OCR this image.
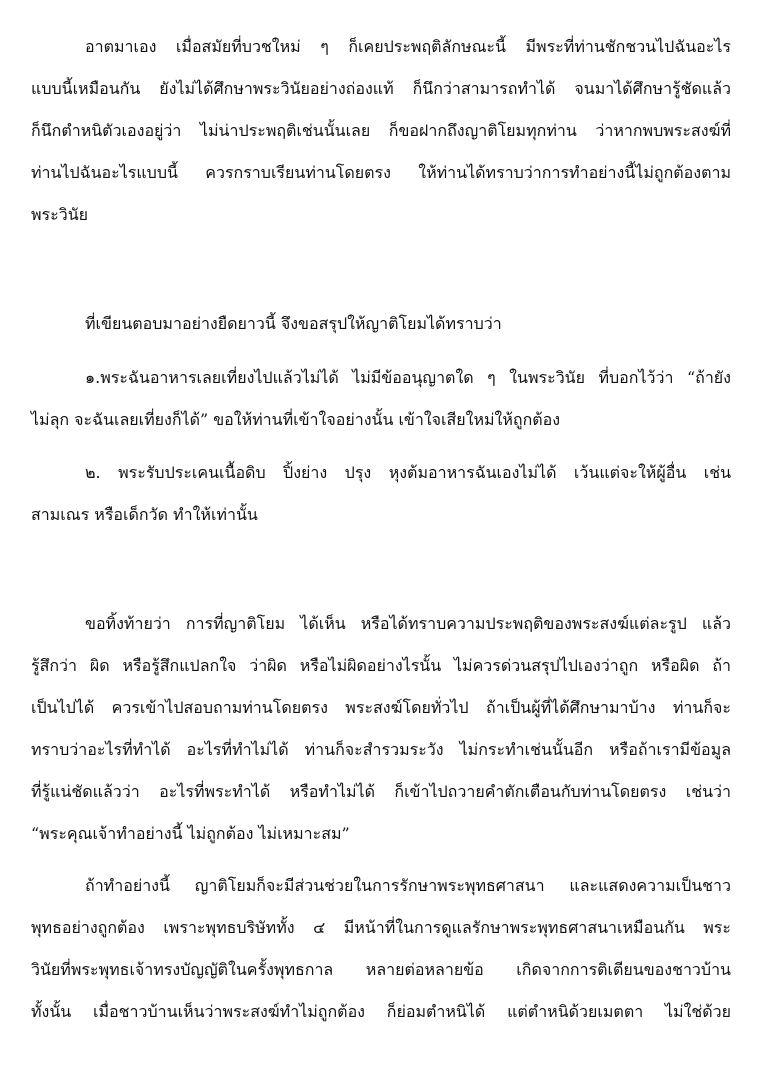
อาตมาเอง เมื่อสมัยที่บวชใหม่ ๆ ก็เคยประพฤติลักษณะนี้ มีพระที่ท่านชักชวนไปฉันอะไร
แบบนี้เหมือนกัน ยังไม่ได้ศึกษาพระวินัยอย่างถ่องแท้ ก็นึกว่าสามารถทำได้ จนมาได้ศึกษารู้ชัดแล้ว
ก็นึกตำหนิตัวเองอยู่ว่า ไม่น่าประพฤติเช่นนั้นเลย ก็ขอฝากถึงญาติโยมทุกท่าน ว่าหากพบพระสงฆ์ที่
ท่านไปฉันอะไรแบบนี้ ควรกราบเรียนท่านโดยตรง ให้ท่านได้ทราบว่าการทำอย่างนี้ไม่ถูกต้องตาม
พระวินัย
ที่เขียนตอบมาอย่างยืดยาวนี้ จึงขอสรุปให้ญาติโยมได้ทราบว่า
๑.พระฉันอาหารเลยเที่ยงไปแล้วไม่ได้ ไม่มีข้ออนุญาตใด ๆ ในพระวินัย ที่บอกไว้ว่า “ถ้ายัง
ไม่ลุก จะฉันเลยเที่ยงก็ได้” ขอให้ท่านที่เข้าใจอย่างนั้น เข้าใจเสียใหม่ให้ถูกต้อง
๒. พระรับประเคนเนื้อดิบ ปิ้งย่าง ปรุง หุงต้มอาหารฉันเองไม่ได้ เว้นแต่จะให้ผู้อื่น เช่น
สามเณร หรือเด็กวัด ทำให้เท่านั้น
ขอทิ้งท้ายว่า การที่ญาติโยม ได้เห็น หรือได้ทราบความประพฤติของพระสงฆ์แต่ละรูป แล้ว
รู้สึกว่า ผิด หรือรู้สึกแปลกใจ ว่าผิด หรือไม่ผิดอย่างไรนั้น ไม่ควรด่วนสรุปไปเองว่าถูก หรือผิด ถ้า
เป็นไปได้ ควรเข้าไปสอบถามท่านโดยตรง พระสงฆ์โดยทั่วไป ถ้าเป็นผู้ที่ได้ศึกษามาบ้าง ท่านก็จะ
ทราบว่าอะไรที่ทำได้ อะไรที่ทำไม่ได้ ท่านก็จะสำรวมระวัง ไม่กระทำเช่นนั้นอีก หรือถ้าเรามีข้อมูล
ที่รู้แน่ชัดแล้วว่า อะไรที่พระทำได้ หรือทำไม่ได้ ก็เข้าไปถวายคำตักเตือนกับท่านโดยตรง เช่นว่า
“พระคุณเจ้าทำอย่างนี้ ไม่ถูกต้อง ไม่เหมาะสม”
ถ้าทำอย่างนี้ ญาติโยมก็จะมีส่วนช่วยในการรักษาพระพุทธศาสนา และแสดงความเป็นชาว
พุทธอย่างถูกต้อง เพราะพุทธบริษัททั้ง ๔ มีหน้าที่ในการดูแลรักษาพระพุทธศาสนาเหมือนกัน พระ
วินัยที่พระพุทธเจ้าทรงบัญญัติในครั้งพุทธกาล หลายต่อหลายข้อ เกิดจากการติเตียนของชาวบ้าน
ทั้งนั้น เมื่อชาวบ้านเห็นว่าพระสงฆ์ทำไม่ถูกต้อง ก็ย่อมตำหนิได้ แต่ตำหนิด้วยเมตตา ไม่ใช่ด้วย
